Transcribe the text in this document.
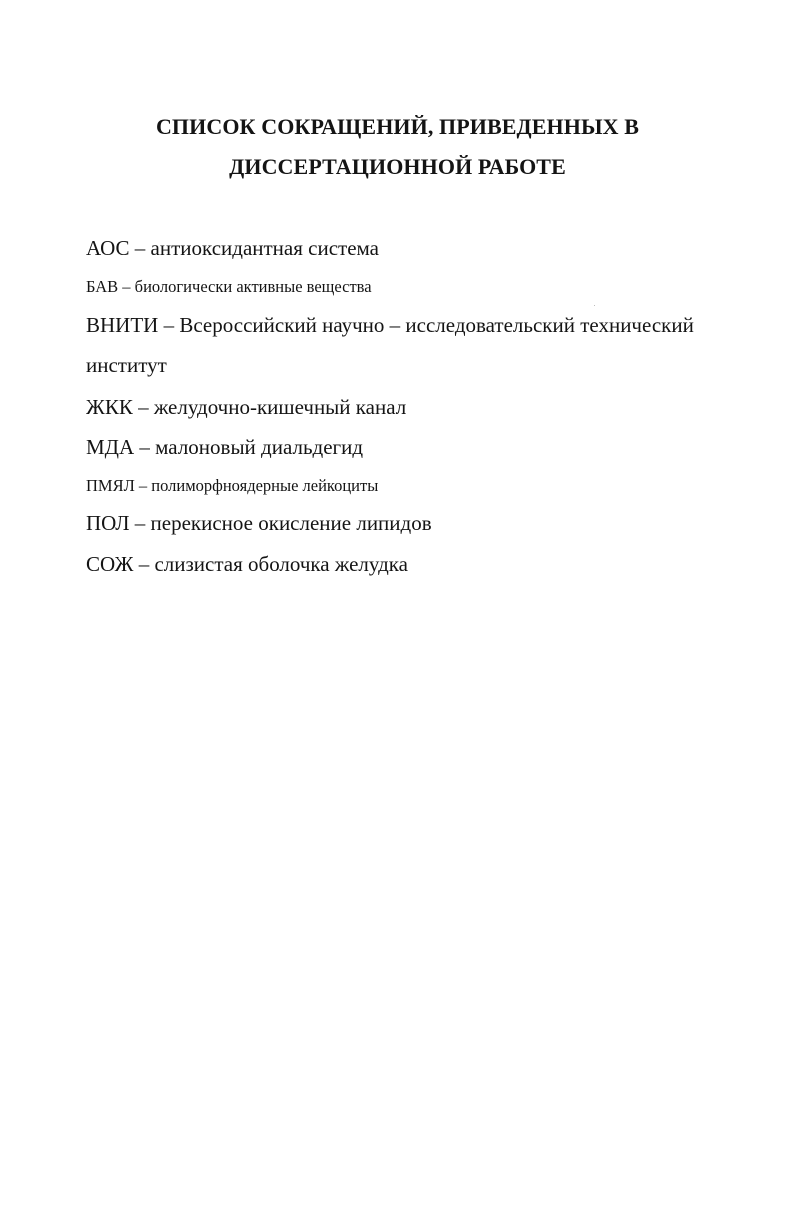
СПИСОК СОКРАЩЕНИЙ, ПРИВЕДЕННЫХ В
ДИССЕРТАЦИОННОЙ РАБОТЕ
АОС – антиоксидантная система
БАВ – биологически активные вещества
ВНИТИ – Всероссийский научно – исследовательский технический
институт
ЖКК – желудочно-кишечный канал
МДА – малоновый диальдегид
ПМЯЛ – полиморфноядерные лейкоциты
ПОЛ – перекисное окисление липидов
СОЖ – слизистая оболочка желудка
